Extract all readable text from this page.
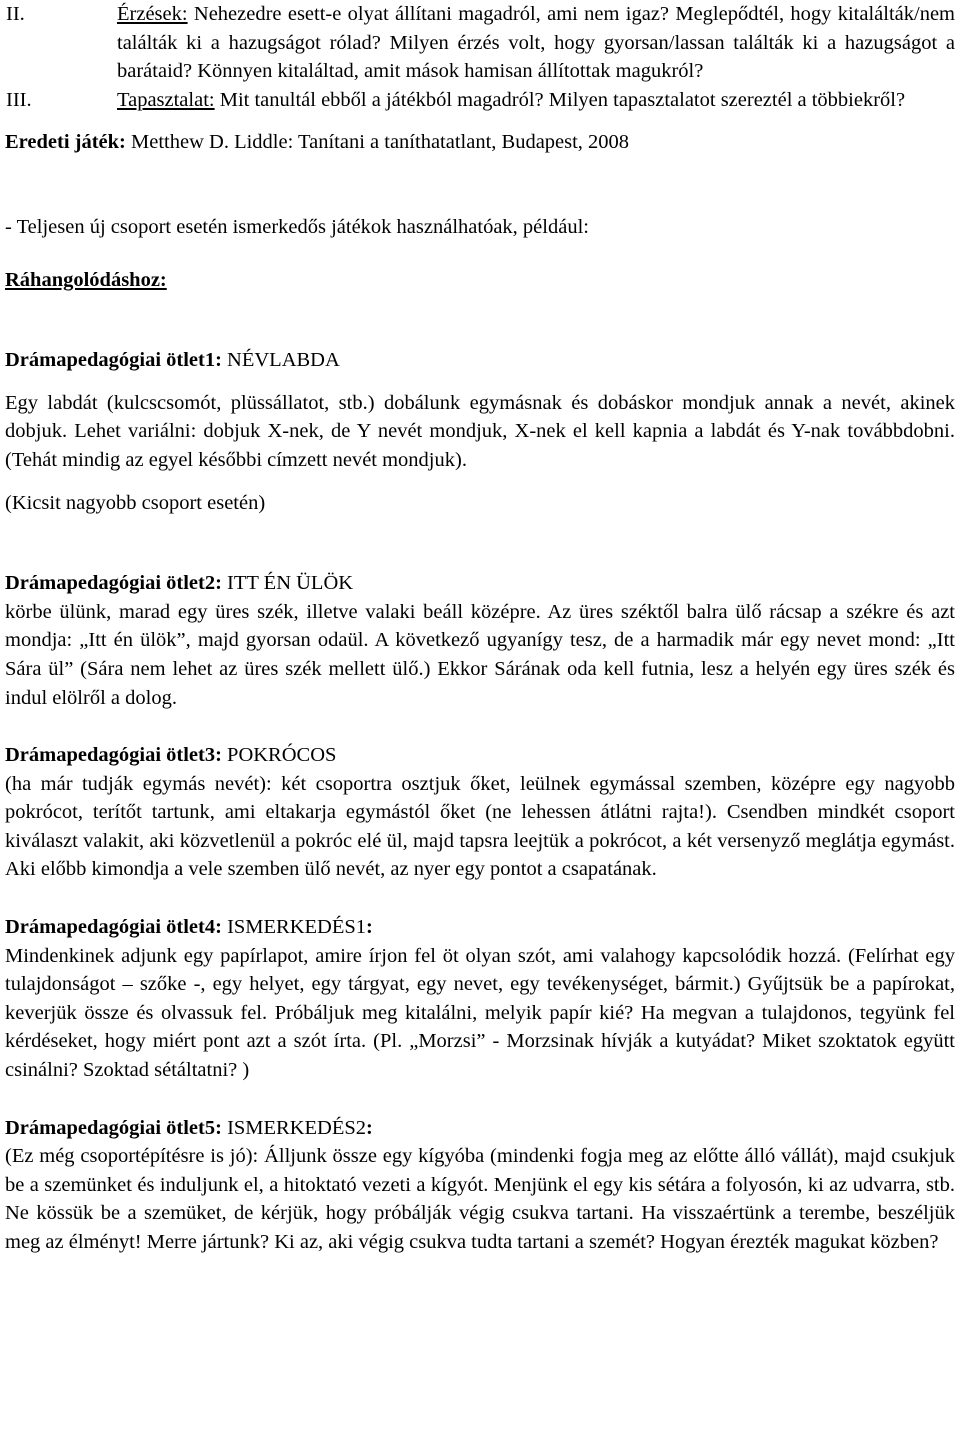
II.	Érzések: Nehezedre esett-e olyat állítani magadról, ami nem igaz? Meglepődtél, hogy kitalálták/nem találták ki a hazugságot rólad? Milyen érzés volt, hogy gyorsan/lassan találták ki a hazugságot a barátaid? Könnyen kitaláltad, amit mások hamisan állítottak magukról?
III.	Tapasztalat: Mit tanultál ebből a játékból magadról? Milyen tapasztalatot szereztél a többiekről?

Eredeti játék: Metthew D. Liddle: Tanítani a taníthatatlant, Budapest, 2008

- Teljesen új csoport esetén ismerkedős játékok használhatóak, például:

Ráhangolódáshoz:

Drámapedagógiai ötlet1: NÉVLABDA

Egy labdát (kulcscsomót, plüssállatot, stb.) dobálunk egymásnak és dobáskor mondjuk annak a nevét, akinek dobjuk. Lehet variálni: dobjuk X-nek, de Y nevét mondjuk, X-nek el kell kapnia a labdát és Y-nak továbbdobni. (Tehát mindig az egyel későbbi címzett nevét mondjuk).

(Kicsit nagyobb csoport esetén)

Drámapedagógiai ötlet2: ITT ÉN ÜLÖK

körbe ülünk, marad egy üres szék, illetve valaki beáll középre. Az üres széktől balra ülő rácsap a székre és azt mondja: „Itt én ülök”, majd gyorsan odaül. A következő ugyanígy tesz, de a harmadik már egy nevet mond: „Itt Sára ül” (Sára nem lehet az üres szék mellett ülő.) Ekkor Sárának oda kell futnia, lesz a helyén egy üres szék és indul elölről a dolog.

Drámapedagógiai ötlet3: POKRÓCOS

(ha már tudják egymás nevét): két csoportra osztjuk őket, leülnek egymással szemben, középre egy nagyobb pokrócot, terítőt tartunk, ami eltakarja egymástól őket (ne lehessen átlátni rajta!). Csendben mindkét csoport kiválaszt valakit, aki közvetlenül a pokróc elé ül, majd tapsra leejtük a pokrócot, a két versenyző meglátja egymást. Aki előbb kimondja a vele szemben ülő nevét, az nyer egy pontot a csapatának.

Drámapedagógiai ötlet4: ISMERKEDÉS1:

Mindenkinek adjunk egy papírlapot, amire írjon fel öt olyan szót, ami valahogy kapcsolódik hozzá. (Felírhat egy tulajdonságot – szőke -, egy helyet, egy tárgyat, egy nevet, egy tevékenységet, bármit.) Gyűjtsük be a papírokat, keverjük össze és olvassuk fel. Próbáljuk meg kitalálni, melyik papír kié? Ha megvan a tulajdonos, tegyünk fel kérdéseket, hogy miért pont azt a szót írta. (Pl. „Morzsi” - Morzsinak hívják a kutyádat? Miket szoktatok együtt csinálni? Szoktad sétáltatni? )

Drámapedagógiai ötlet5: ISMERKEDÉS2:

(Ez még csoportépítésre is jó): Álljunk össze egy kígyóba (mindenki fogja meg az előtte álló vállát), majd csukjuk be a szemünket és induljunk el, a hitoktató vezeti a kígyót. Menjünk el egy kis sétára a folyosón, ki az udvarra, stb. Ne kössük be a szemüket, de kérjük, hogy próbálják végig csukva tartani. Ha visszaértünk a terembe, beszéljük meg az élményt! Merre jártunk? Ki az, aki végig csukva tudta tartani a szemét? Hogyan érezték magukat közben?
